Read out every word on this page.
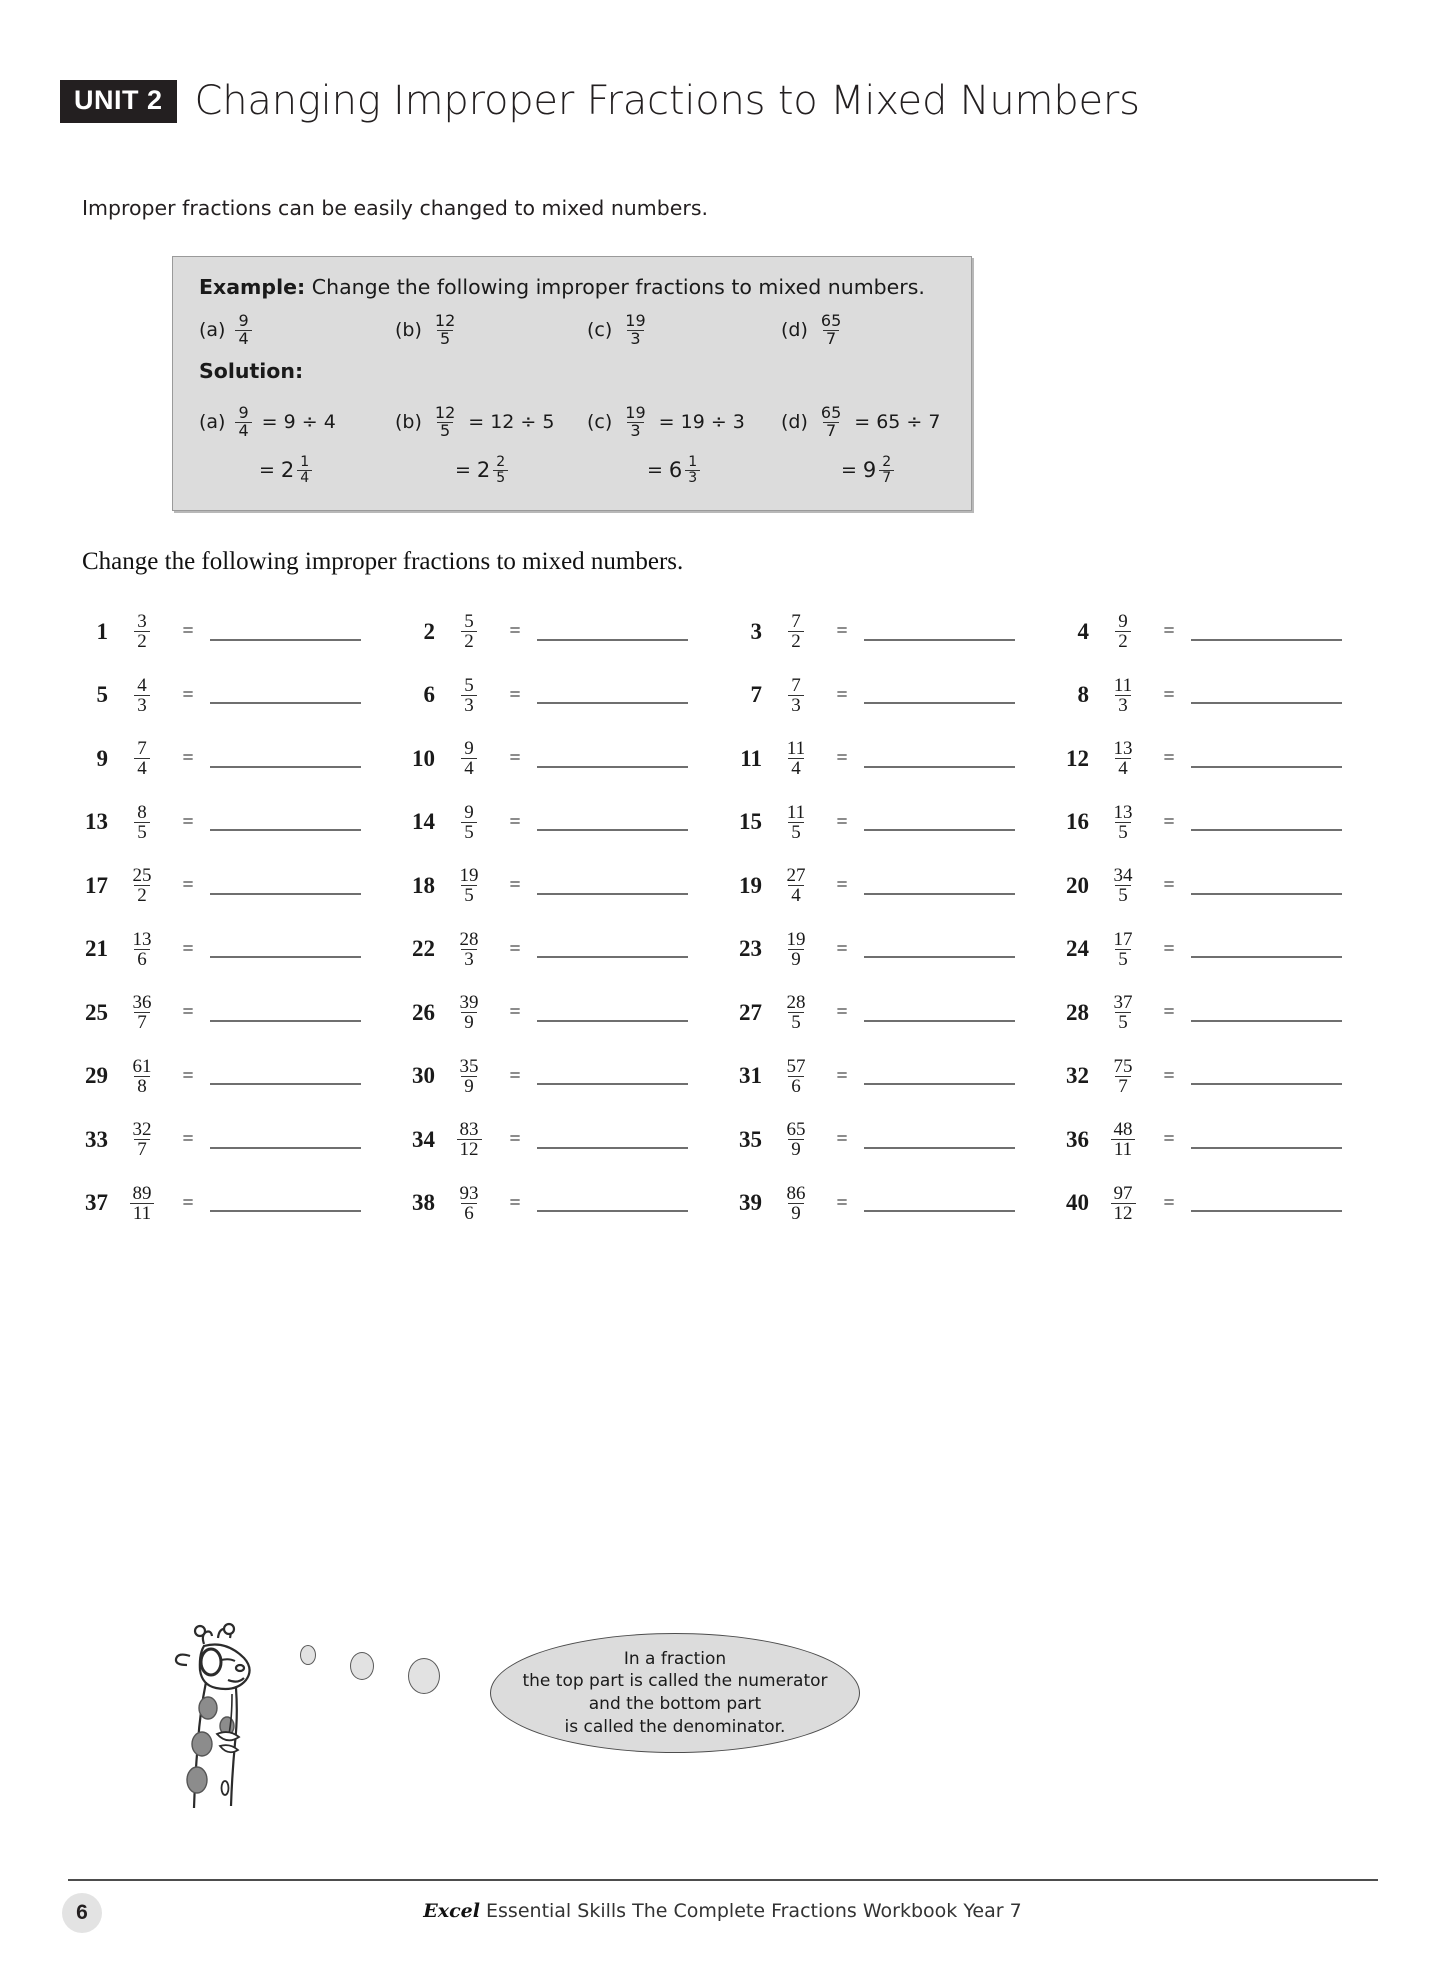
UNIT 2 Changing Improper Fractions to Mixed Numbers
Improper fractions can be easily changed to mixed numbers.
Example: Change the following improper fractions to mixed numbers.
$(a) \frac{9}{4}$	$(b) \frac{12}{5}$	$(c) \frac{19}{3}$	$(d) \frac{65}{7}$
Solution:
$(a) \frac{9}{4} = 9 \div 4$	$(b) \frac{12}{5} = 12 \div 5$ $(c) \frac{19}{3} = 19 \div 3$ $(d) \frac{65}{7} = 65 \div 7$
= $2 \frac{1}{4}$	= $2 \frac{2}{5}$	= $6 \frac{1}{3}$	= $9 \frac{2}{7}$
Change the following improper fractions to mixed numbers.
1	$\frac{3}{2}$	=	2	$\frac{5}{2}$	=	3	$\frac{7}{2}$	=	4	$\frac{9}{2}$	=
5	$\frac{4}{3}$	=	6	$\frac{5}{3}$	=	7	$\frac{7}{3}$	=	8	$\frac{11}{3}$	=
9	$\frac{7}{4}$	=	10	$\frac{9}{4}$	=	11	$\frac{11}{4}$	=	12	$\frac{13}{4}$	=
13	$\frac{8}{5}$	=	14	$\frac{9}{5}$	=	15	$\frac{11}{5}$	=	16	$\frac{13}{5}$	=
17	$\frac{25}{2}$	=	18	$\frac{19}{5}$	=	19	$\frac{27}{4}$	=	20	$\frac{34}{5}$	=
21	$\frac{13}{6}$	=	22	$\frac{28}{3}$	=	23	$\frac{19}{9}$	=	24	$\frac{17}{5}$	=
25	$\frac{36}{7}$	=	26	$\frac{39}{9}$	=	27	$\frac{28}{5}$	=	28	$\frac{37}{5}$	=
29	$\frac{61}{8}$	=	30	$\frac{35}{9}$	=	31	$\frac{57}{6}$	=	32	$\frac{75}{7}$	=
33	$\frac{32}{7}$	=	34	$\frac{83}{12}$	=	35	$\frac{65}{9}$	=	36	$\frac{48}{11}$	=
37	$\frac{89}{11}$	=	38	$\frac{93}{6}$	=	39	$\frac{86}{9}$	=	40	$\frac{97}{12}$	=
In a fraction
the top part is called the numerator
and the bottom part
is called the denominator.
6	Excel Essential Skills The Complete Fractions Workbook Year 7
